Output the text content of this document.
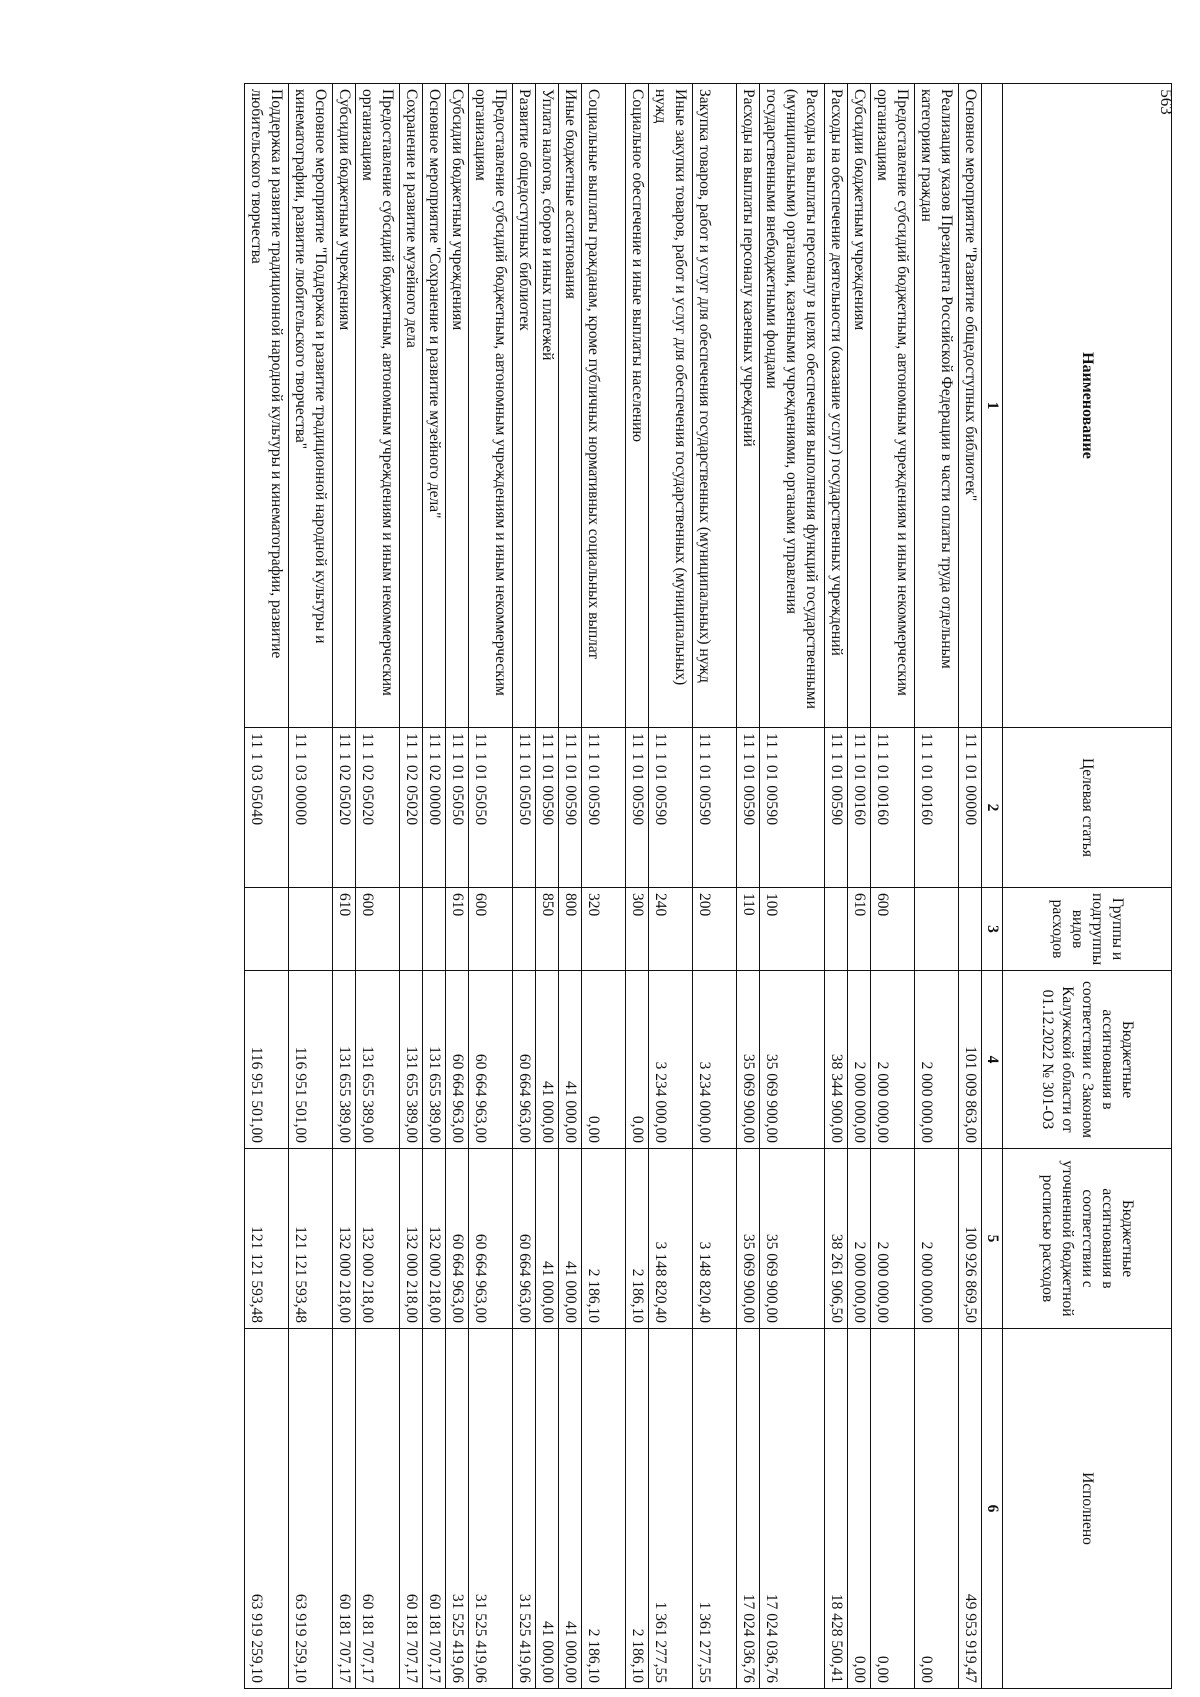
563
Наименование	Целевая статья	Группы и подгруппы видов расходов	Бюджетные ассигнования в соответствии с Законом Калужской области от 01.12.2022 № 301-ОЗ	Бюджетные ассигнования в соответствии с уточненной бюджетной росписью расходов	Исполнено
1	2	3	4	5	6
Основное мероприятие "Развитие общедоступных библиотек"	11 1 01 00000		101 009 863,00	100 926 869,50	49 953 919,47
Реализация указов Президента Российской Федерации в части оплаты труда отдельным категориям граждан	11 1 01 00160		2 000 000,00	2 000 000,00	0,00
Предоставление субсидий бюджетным, автономным учреждениям и иным некоммерческим организациям	11 1 01 00160	600	2 000 000,00	2 000 000,00	0,00
Субсидии бюджетным учреждениям	11 1 01 00160	610	2 000 000,00	2 000 000,00	0,00
Расходы на обеспечение деятельности (оказание услуг) государственных учреждений	11 1 01 00590		38 344 900,00	38 261 906,50	18 428 500,41
Расходы на выплаты персоналу в целях обеспечения выполнения функций государственными (муниципальными) органами, казенными учреждениями, органами управления государственными внебюджетными фондами	11 1 01 00590	100	35 069 900,00	35 069 900,00	17 024 036,76
Расходы на выплаты персоналу казенных учреждений	11 1 01 00590	110	35 069 900,00	35 069 900,00	17 024 036,76
Закупка товаров, работ и услуг для обеспечения государственных (муниципальных) нужд	11 1 01 00590	200	3 234 000,00	3 148 820,40	1 361 277,55
Иные закупки товаров, работ и услуг для обеспечения государственных (муниципальных) нужд	11 1 01 00590	240	3 234 000,00	3 148 820,40	1 361 277,55
Социальное обеспечение и иные выплаты населению	11 1 01 00590	300	0,00	2 186,10	2 186,10
Социальные выплаты гражданам, кроме публичных нормативных социальных выплат	11 1 01 00590	320	0,00	2 186,10	2 186,10
Иные бюджетные ассигнования	11 1 01 00590	800	41 000,00	41 000,00	41 000,00
Уплата налогов, сборов и иных платежей	11 1 01 00590	850	41 000,00	41 000,00	41 000,00
Развитие общедоступных библиотек	11 1 01 05050		60 664 963,00	60 664 963,00	31 525 419,06
Предоставление субсидий бюджетным, автономным учреждениям и иным некоммерческим организациям	11 1 01 05050	600	60 664 963,00	60 664 963,00	31 525 419,06
Субсидии бюджетным учреждениям	11 1 01 05050	610	60 664 963,00	60 664 963,00	31 525 419,06
Основное мероприятие "Сохранение и развитие музейного дела"	11 1 02 00000		131 655 389,00	132 000 218,00	60 181 707,17
Сохранение и развитие музейного дела	11 1 02 05020		131 655 389,00	132 000 218,00	60 181 707,17
Предоставление субсидий бюджетным, автономным учреждениям и иным некоммерческим организациям	11 1 02 05020	600	131 655 389,00	132 000 218,00	60 181 707,17
Субсидии бюджетным учреждениям	11 1 02 05020	610	131 655 389,00	132 000 218,00	60 181 707,17
Основное мероприятие "Поддержка и развитие традиционной народной культуры и кинематографии, развитие любительского творчества"	11 1 03 00000		116 951 501,00	121 121 593,48	63 919 259,10
Поддержка и развитие традиционной народной культуры и кинематографии, развитие любительского творчества	11 1 03 05040		116 951 501,00	121 121 593,48	63 919 259,10
